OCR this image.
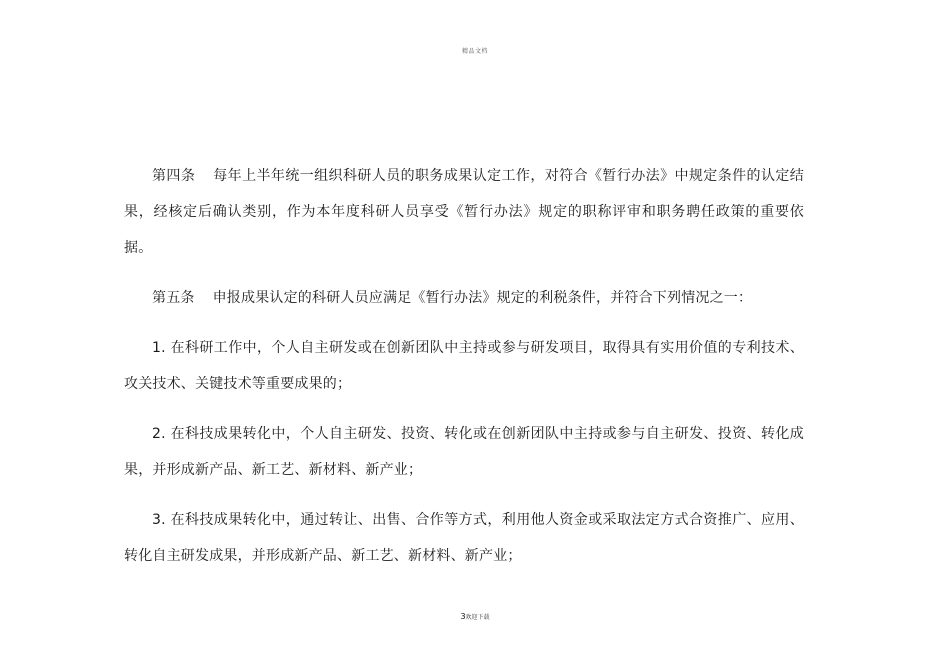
精品文档

第四条 每年上半年统一组织科研人员的职务成果认定工作，对符合《暂行办法》中规定条件的认定结果，经核定后确认类别，作为本年度科研人员享受《暂行办法》规定的职称评审和职务聘任政策的重要依据。

第五条 申报成果认定的科研人员应满足《暂行办法》规定的利税条件，并符合下列情况之一：

1. 在科研工作中，个人自主研发或在创新团队中主持或参与研发项目，取得具有实用价值的专利技术、攻关技术、关键技术等重要成果的；

2. 在科技成果转化中，个人自主研发、投资、转化或在创新团队中主持或参与自主研发、投资、转化成果，并形成新产品、新工艺、新材料、新产业；

3. 在科技成果转化中，通过转让、出售、合作等方式，利用他人资金或采取法定方式合资推广、应用、转化自主研发成果，并形成新产品、新工艺、新材料、新产业；

3欢迎下载
